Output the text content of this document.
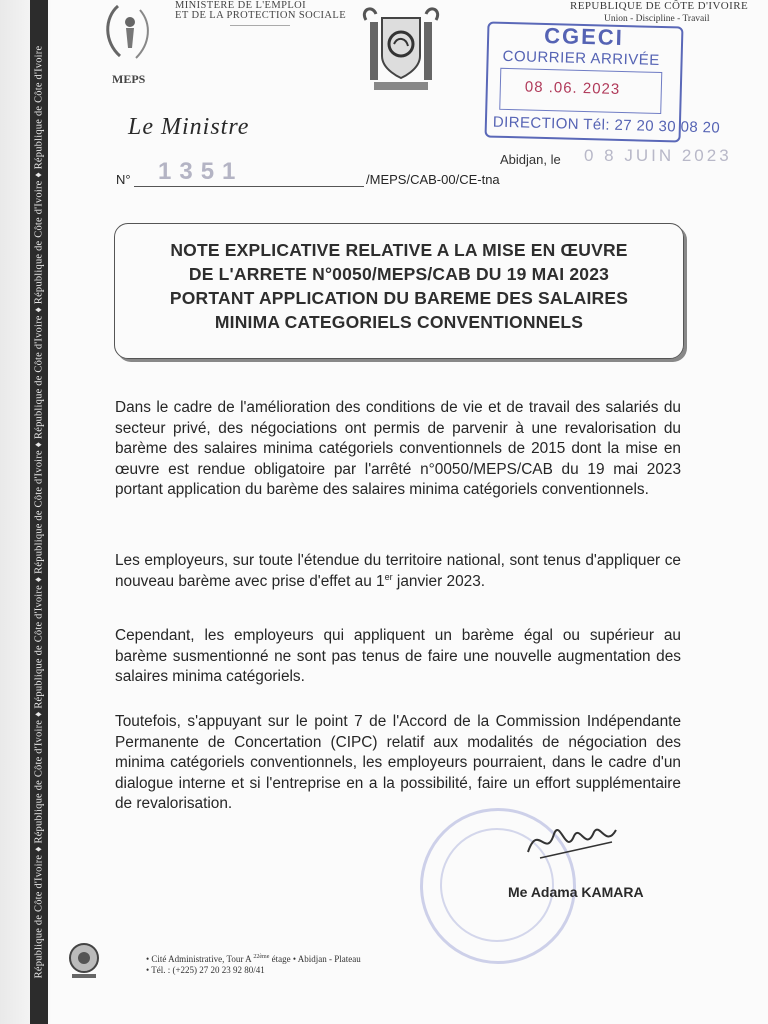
République de Côte d'Ivoire ♦ République de Côte d'Ivoire ♦ République de Côte d'Ivoire ♦ République de Côte d'Ivoire ♦ République de Côte d'Ivoire ♦ République de Côte d'Ivoire ♦ République de Côte d'Ivoire	MEPS
MINISTERE DE L'EMPLOI
ET DE LA PROTECTION SOCIALE
REPUBLIQUE DE CÔTE D'IVOIRE
Union - Discipline - Travail
CGECI
COURRIER ARRIVÉE
08 .06. 2023
DIRECTION Tél: 27 20 30 08 20
Le Ministre
Abidjan, le 0 8 JUIN 2023
N° 1351	/MEPS/CAB-00/CE-tna
NOTE EXPLICATIVE RELATIVE A LA MISE EN ŒUVRE
DE L'ARRETE N°0050/MEPS/CAB DU 19 MAI 2023
PORTANT APPLICATION DU BAREME DES SALAIRES
MINIMA CATEGORIELS CONVENTIONNELS
Dans le cadre de l'amélioration des conditions de vie et de travail des salariés du secteur privé, des négociations ont permis de parvenir à une revalorisation du barème des salaires minima catégoriels conventionnels de 2015 dont la mise en œuvre est rendue obligatoire par l'arrêté n°0050/MEPS/CAB du 19 mai 2023 portant application du barème des salaires minima catégoriels conventionnels.
Les employeurs, sur toute l'étendue du territoire national, sont tenus d'appliquer ce nouveau barème avec prise d'effet au 1er janvier 2023.
Cependant, les employeurs qui appliquent un barème égal ou supérieur au barème susmentionné ne sont pas tenus de faire une nouvelle augmentation des salaires minima catégoriels.
Toutefois, s'appuyant sur le point 7 de l'Accord de la Commission Indépendante Permanente de Concertation (CIPC) relatif aux modalités de négociation des minima catégoriels conventionnels, les employeurs pourraient, dans le cadre d'un dialogue interne et si l'entreprise en a la possibilité, faire un effort supplémentaire de revalorisation.
Me Adama KAMARA
• Cité Administrative, Tour A $^{22ème}$ étage • Abidjan - Plateau
• Tél. : (+225) 27 20 23 92 80/41
